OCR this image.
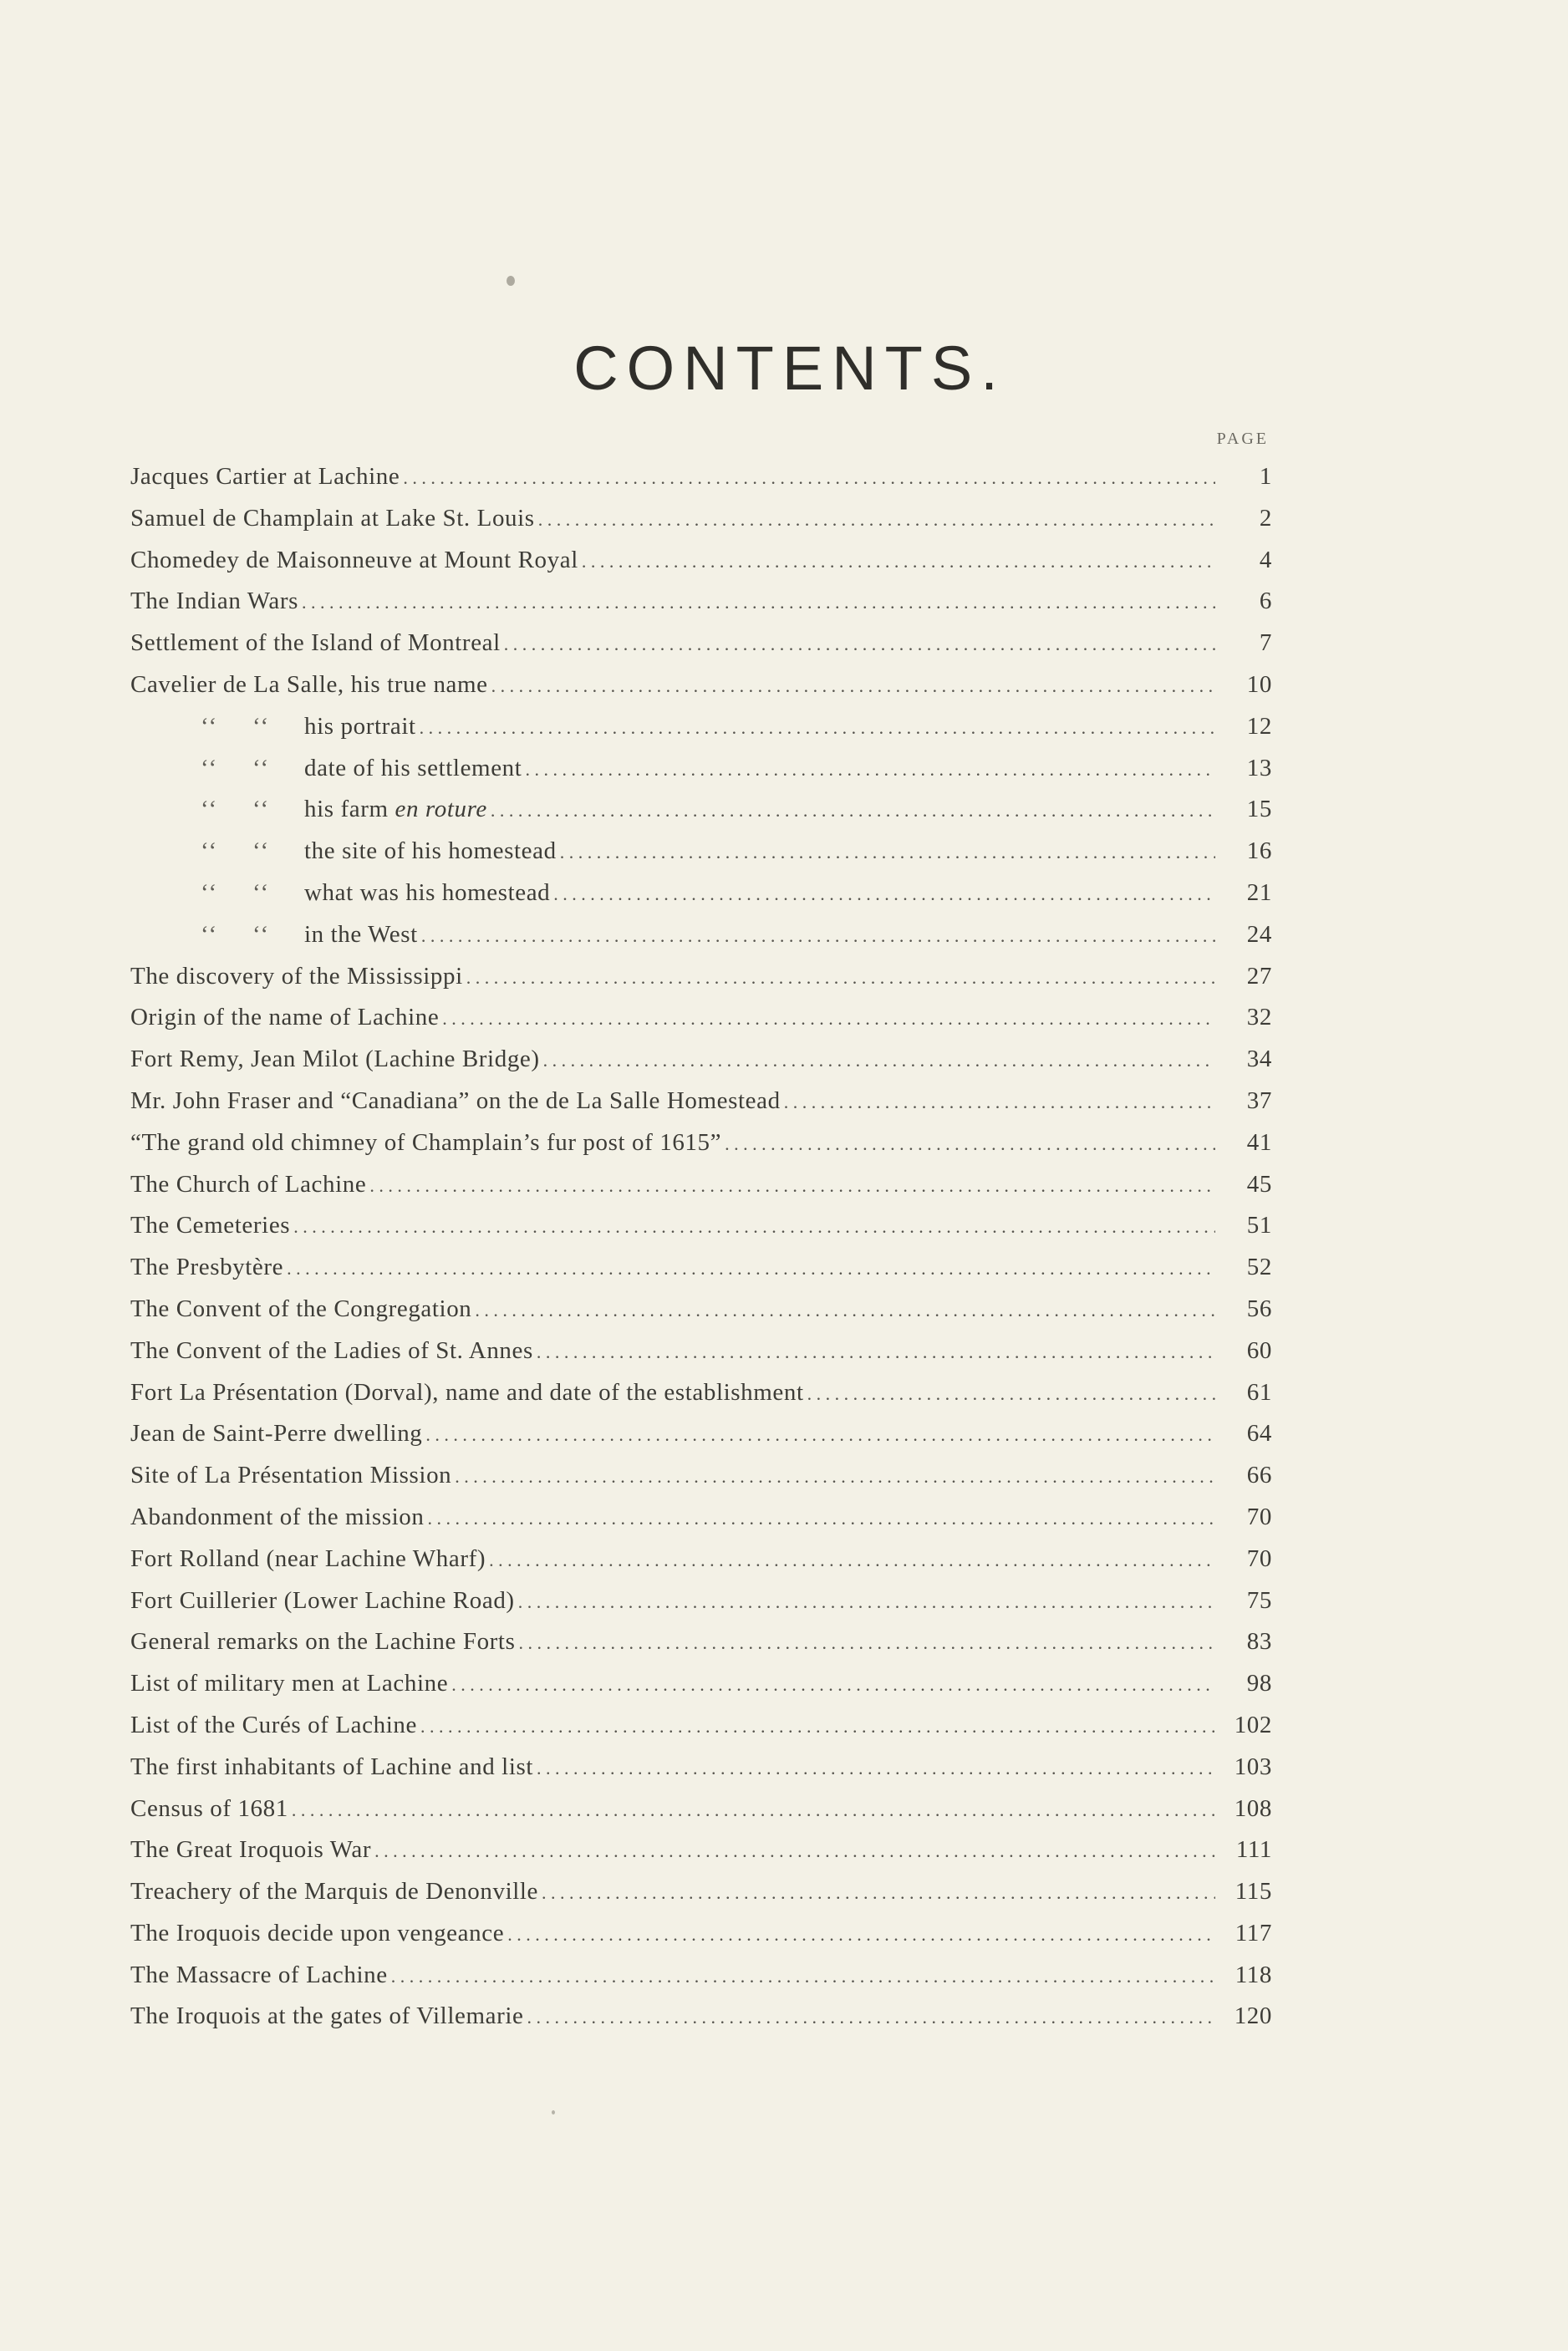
CONTENTS.
PAGE
Jacques Cartier at Lachine . . .	1
Samuel de Champlain at Lake St. Louis . . .	2
Chomedey de Maisonneuve at Mount Royal . . .	4
The Indian Wars . . .	6
Settlement of the Island of Montreal . . .	7
Cavelier de La Salle, his true name . . .	10
‘‘ ‘‘	his portrait . . .	12
‘‘ ‘‘	date of his settlement . . .	13
‘‘ ‘‘	his farm en roture . . .	15
‘‘ ‘‘	the site of his homestead . . .	16
‘‘ ‘‘	what was his homestead . . .	21
‘‘ ‘‘	in the West . . .	24
The discovery of the Mississippi . . .	27
Origin of the name of Lachine . . .	32
Fort Remy, Jean Milot (Lachine Bridge) . . .	34
Mr. John Fraser and “Canadiana” on the de La Salle Homestead . . .	37
“The grand old chimney of Champlain’s fur post of 1615” . . .	41
The Church of Lachine . . .	45
The Cemeteries . . .	51
The Presbytère . . .	52
The Convent of the Congregation . . .	56
The Convent of the Ladies of St. Annes . . .	60
Fort La Présentation (Dorval), name and date of the establishment . . .	61
Jean de Saint-Perre dwelling . . .	64
Site of La Présentation Mission . . .	66
Abandonment of the mission . . .	70
Fort Rolland (near Lachine Wharf) . . .	70
Fort Cuillerier (Lower Lachine Road) . . .	75
General remarks on the Lachine Forts . . .	83
List of military men at Lachine . . .	98
List of the Curés of Lachine . . .	102
The first inhabitants of Lachine and list . . .	103
Census of 1681 . . .	108
The Great Iroquois War . . .	111
Treachery of the Marquis de Denonville . . .	115
The Iroquois decide upon vengeance . . .	117
The Massacre of Lachine . . .	118
The Iroquois at the gates of Villemarie . . .	120
